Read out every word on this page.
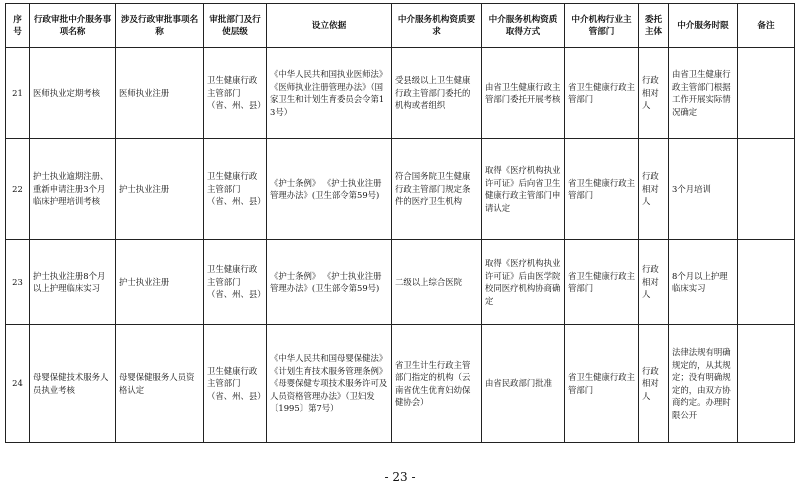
序号	行政审批中介服务事项名称	涉及行政审批事项名称	审批部门及行使层级	设立依据	中介服务机构资质要求	中介服务机构资质取得方式	中介机构行业主管部门	委托主体	中介服务时限	备注
21	医师执业定期考核	医师执业注册	卫生健康行政主管部门（省、州、县）	《中华人民共和国执业医师法》 《医师执业注册管理办法》（国家卫生和计划生育委员会令第13号）	受县级以上卫生健康行政主管部门委托的机构或者组织	由省卫生健康行政主管部门委托开展考核	省卫生健康行政主管部门	行政相对人	由省卫生健康行政主管部门根据工作开展实际情况确定	
22	护士执业逾期注册、重新申请注册3个月临床护理培训考核	护士执业注册	卫生健康行政主管部门（省、州、县）	《护士条例》 《护士执业注册管理办法》(卫生部令第59号)	符合国务院卫生健康行政主管部门规定条件的医疗卫生机构	取得《医疗机构执业许可证》后向省卫生健康行政主管部门申请认定	省卫生健康行政主管部门	行政相对人	3个月培训	
23	护士执业注册8个月以上护理临床实习	护士执业注册	卫生健康行政主管部门（省、州、县）	《护士条例》 《护士执业注册管理办法》(卫生部令第59号)	二级以上综合医院	取得《医疗机构执业许可证》后由医学院校同医疗机构协商确定	省卫生健康行政主管部门	行政相对人	8个月以上护理临床实习	
24	母婴保健技术服务人员执业考核	母婴保健服务人员资格认定	卫生健康行政主管部门（省、州、县）	《中华人民共和国母婴保健法》 《计划生育技术服务管理条例》 《母婴保健专项技术服务许可及人员资格管理办法》（卫妇发〔1995〕第7号）	省卫生计生行政主管部门指定的机构（云南省优生优育妇幼保健协会）	由省民政部门批准	省卫生健康行政主管部门	行政相对人	法律法规有明确规定的，从其规定；没有明确规定的，由双方协商约定。办理时限公开	
- 23 -
